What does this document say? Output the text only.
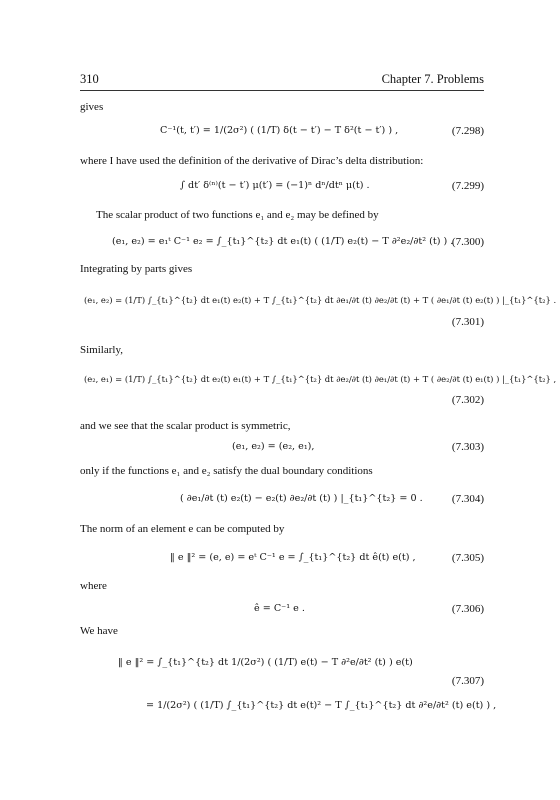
310	Chapter 7. Problems
gives
where I have used the definition of the derivative of Dirac’s delta distribution:
The scalar product of two functions e₁ and e₂ may be defined by
Integrating by parts gives
Similarly,
and we see that the scalar product is symmetric,
only if the functions e₁ and e₂ satisfy the dual boundary conditions
The norm of an element e can be computed by
where
We have
C⁻¹(t, t′) = 1/(2σ²) ( (1/T) δ(t − t′) − T δ²(t − t′) ) ,	(7.298)
∫ dt′ δ⁽ⁿ⁾(t − t′) μ(t′) = (−1)ⁿ dⁿ/dtⁿ μ(t) .	(7.299)
(e₁, e₂) = e₁ᵗ C⁻¹ e₂ = ∫_{t₁}^{t₂} dt e₁(t) ( (1/T) e₂(t) − T ∂²e₂/∂t² (t) ) .
(7.300)
(e₁, e₂) = (1/T) ∫_{t₁}^{t₂} dt e₁(t) e₂(t) + T ∫_{t₁}^{t₂} dt ∂e₁/∂t (t) ∂e₂/∂t (t) + T ( ∂e₁/∂t (t) e₂(t) ) |_{t₁}^{t₂} .
(7.301)
(e₂, e₁) = (1/T) ∫_{t₁}^{t₂} dt e₂(t) e₁(t) + T ∫_{t₁}^{t₂} dt ∂e₂/∂t (t) ∂e₁/∂t (t) + T ( ∂e₂/∂t (t) e₁(t) ) |_{t₁}^{t₂} ,
(7.302)
(e₁, e₂) = (e₂, e₁),	(7.303)
( ∂e₁/∂t (t) e₂(t) − e₂(t) ∂e₂/∂t (t) ) |_{t₁}^{t₂} = 0 .	(7.304)
‖ e ‖² = (e, e) = eᵗ C⁻¹ e = ∫_{t₁}^{t₂} dt ê(t) e(t) ,	(7.305)
ê = C⁻¹ e .	(7.306)
‖ e ‖² = ∫_{t₁}^{t₂} dt 1/(2σ²) ( (1/T) e(t) − T ∂²e/∂t² (t) ) e(t)
(7.307)
= 1/(2σ²) ( (1/T) ∫_{t₁}^{t₂} dt e(t)² − T ∫_{t₁}^{t₂} dt ∂²e/∂t² (t) e(t) ) ,
